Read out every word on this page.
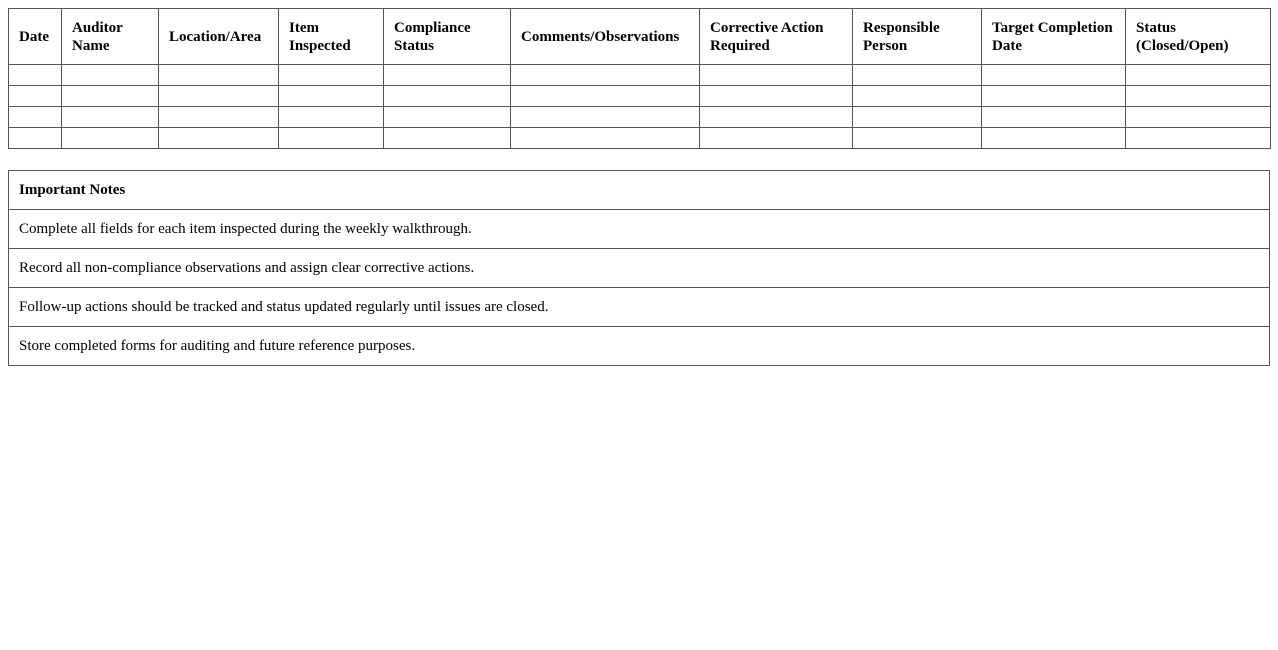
Date	Auditor Name	Location/Area	Item Inspected	Compliance Status	Comments/Observations	Corrective Action Required	Responsible Person	Target Completion Date	Status (Closed/Open)

Important Notes
Complete all fields for each item inspected during the weekly walkthrough.
Record all non-compliance observations and assign clear corrective actions.
Follow-up actions should be tracked and status updated regularly until issues are closed.
Store completed forms for auditing and future reference purposes.
